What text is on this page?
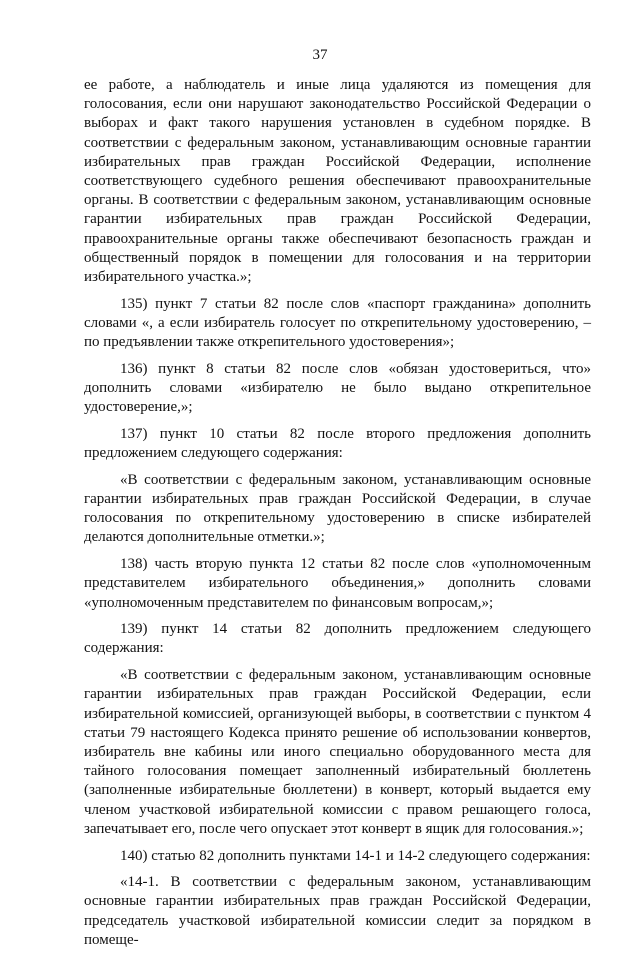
37

ее работе, а наблюдатель и иные лица удаляются из помещения для голосования, если они нарушают законодательство Российской Федерации о выборах и факт такого нарушения установлен в судебном порядке. В соответствии с федеральным законом, устанавливающим основные гарантии избирательных прав граждан Российской Федерации, исполнение соответствующего судебного решения обеспечивают правоохранительные органы. В соответствии с федеральным законом, устанавливающим основные гарантии избирательных прав граждан Российской Федерации, правоохранительные органы также обеспечивают безопасность граждан и общественный порядок в помещении для голосования и на территории избирательного участка.»;

135) пункт 7 статьи 82 после слов «паспорт гражданина» дополнить словами «, а если избиратель голосует по открепительному удостоверению, – по предъявлении также открепительного удостоверения»;

136) пункт 8 статьи 82 после слов «обязан удостовериться, что» дополнить словами «избирателю не было выдано открепительное удостоверение,»;

137) пункт 10 статьи 82 после второго предложения дополнить предложением следующего содержания:

«В соответствии с федеральным законом, устанавливающим основные гарантии избирательных прав граждан Российской Федерации, в случае голосования по открепительному удостоверению в списке избирателей делаются дополнительные отметки.»;

138) часть вторую пункта 12 статьи 82 после слов «уполномоченным представителем избирательного объединения,» дополнить словами «уполномоченным представителем по финансовым вопросам,»;

139) пункт 14 статьи 82 дополнить предложением следующего содержания:

«В соответствии с федеральным законом, устанавливающим основные гарантии избирательных прав граждан Российской Федерации, если избирательной комиссией, организующей выборы, в соответствии с пунктом 4 статьи 79 настоящего Кодекса принято решение об использовании конвертов, избиратель вне кабины или иного специально оборудованного места для тайного голосования помещает заполненный избирательный бюллетень (заполненные избирательные бюллетени) в конверт, который выдается ему членом участковой избирательной комиссии с правом решающего голоса, запечатывает его, после чего опускает этот конверт в ящик для голосования.»;

140) статью 82 дополнить пунктами 14-1 и 14-2 следующего содержания:

«14-1. В соответствии с федеральным законом, устанавливающим основные гарантии избирательных прав граждан Российской Федерации, председатель участковой избирательной комиссии следит за порядком в помеще-
